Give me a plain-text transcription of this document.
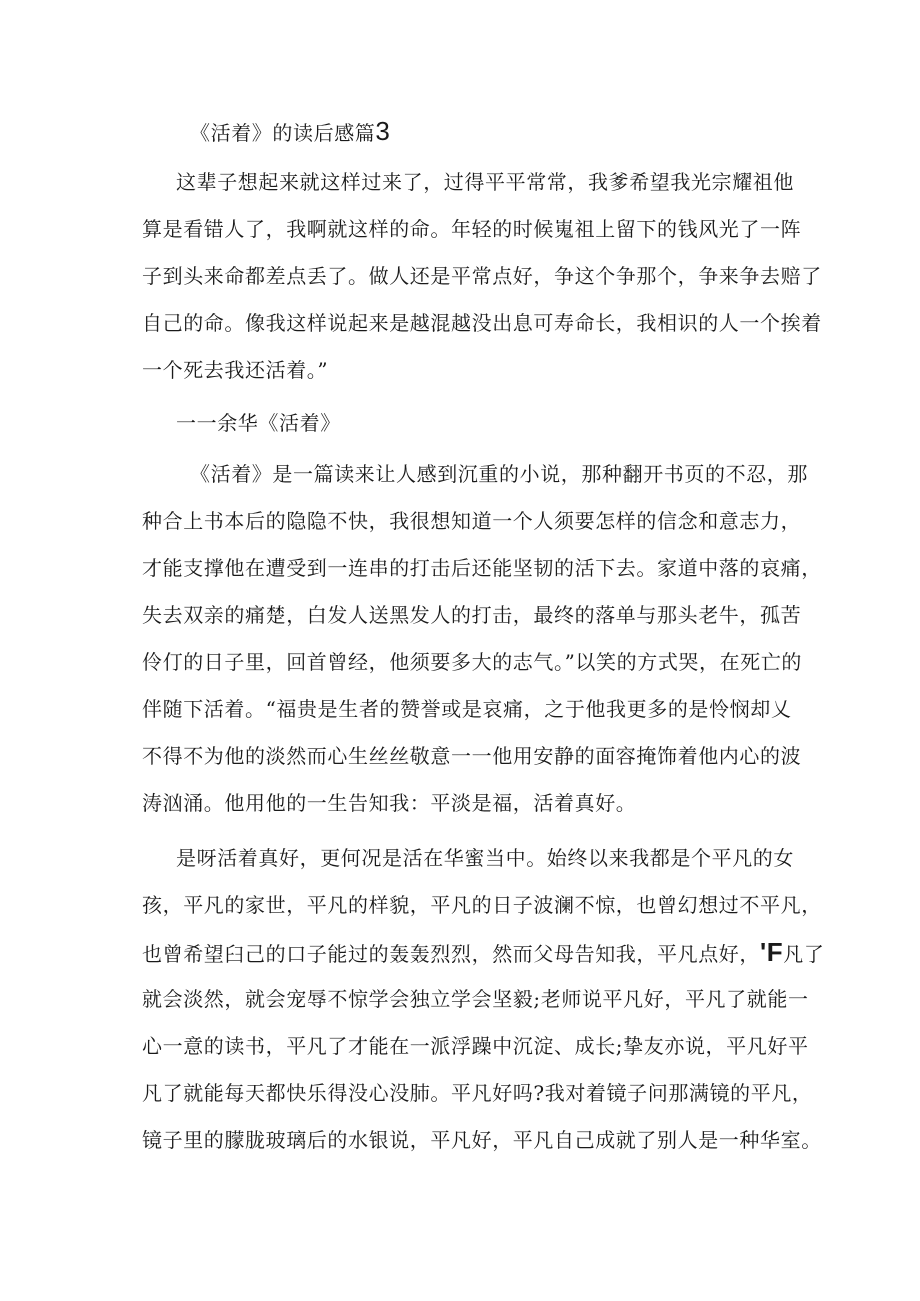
《活着》的读后感篇3
这辈子想起来就这样过来了，过得平平常常，我爹希望我光宗耀祖他
算是看错人了，我啊就这样的命。年轻的时候嵬祖上留下的钱风光了一阵
子到头来命都差点丢了。做人还是平常点好，争这个争那个，争来争去赔了
自己的命。像我这样说起来是越混越没出息可寿命长，我相识的人一个挨着
一个死去我还活着。”
一一余华《活着》
《活着》是一篇读来让人感到沉重的小说，那种翻开书页的不忍，那
种合上书本后的隐隐不快，我很想知道一个人须要怎样的信念和意志力，
才能支撑他在遭受到一连串的打击后还能坚韧的活下去。家道中落的哀痛，
失去双亲的痛楚，白发人送黑发人的打击，最终的落单与那头老牛，孤苦
伶仃的日子里，回首曾经，他须要多大的志气。”以笑的方式哭，在死亡的
伴随下活着。“福贵是生者的赞誉或是哀痛，之于他我更多的是怜悯却乂
不得不为他的淡然而心生丝丝敬意一一他用安静的面容掩饰着他内心的波
涛汹涌。他用他的一生告知我：平淡是福，活着真好。
是呀活着真好，更何况是活在华蜜当中。始终以来我都是个平凡的女
孩，平凡的家世，平凡的样貌，平凡的日子波澜不惊，也曾幻想过不平凡，
也曾希望臼己的口子能过的轰轰烈烈，然而父母告知我，平凡点好，'F凡了
就会淡然，就会宠辱不惊学会独立学会坚毅;老师说平凡好，平凡了就能一
心一意的读书，平凡了才能在一派浮躁中沉淀、成长;挚友亦说，平凡好平
凡了就能每天都快乐得没心没肺。平凡好吗?我对着镜子问那满镜的平凡，
镜子里的朦胧玻璃后的水银说，平凡好，平凡自己成就了别人是一种华室。
